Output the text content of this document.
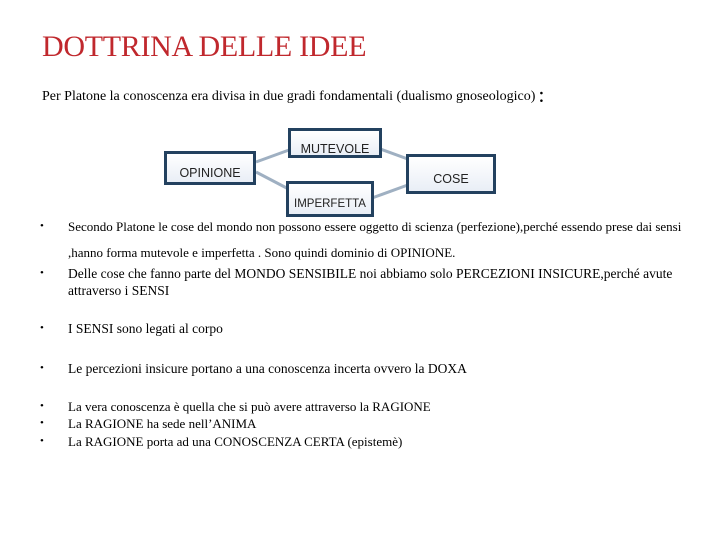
DOTTRINA DELLE IDEE
Per Platone la conoscenza era divisa in due gradi fondamentali (dualismo gnoseologico) :
MUTEVOLE
OPINIONE	COSE
IMPERFETTA
• Secondo Platone le cose del mondo non possono essere oggetto di scienza (perfezione),perché essendo prese dai sensi ,hanno forma mutevole e imperfetta . Sono quindi dominio di OPINIONE.
• Delle cose che fanno parte del MONDO SENSIBILE noi abbiamo solo PERCEZIONI INSICURE,perché avute attraverso i SENSI
• I SENSI sono legati al corpo
• Le percezioni insicure portano a una conoscenza incerta ovvero la DOXA
• La vera conoscenza è quella che si può avere attraverso la RAGIONE
• La RAGIONE ha sede nell’ANIMA
• La RAGIONE porta ad una CONOSCENZA CERTA (epistemè)
